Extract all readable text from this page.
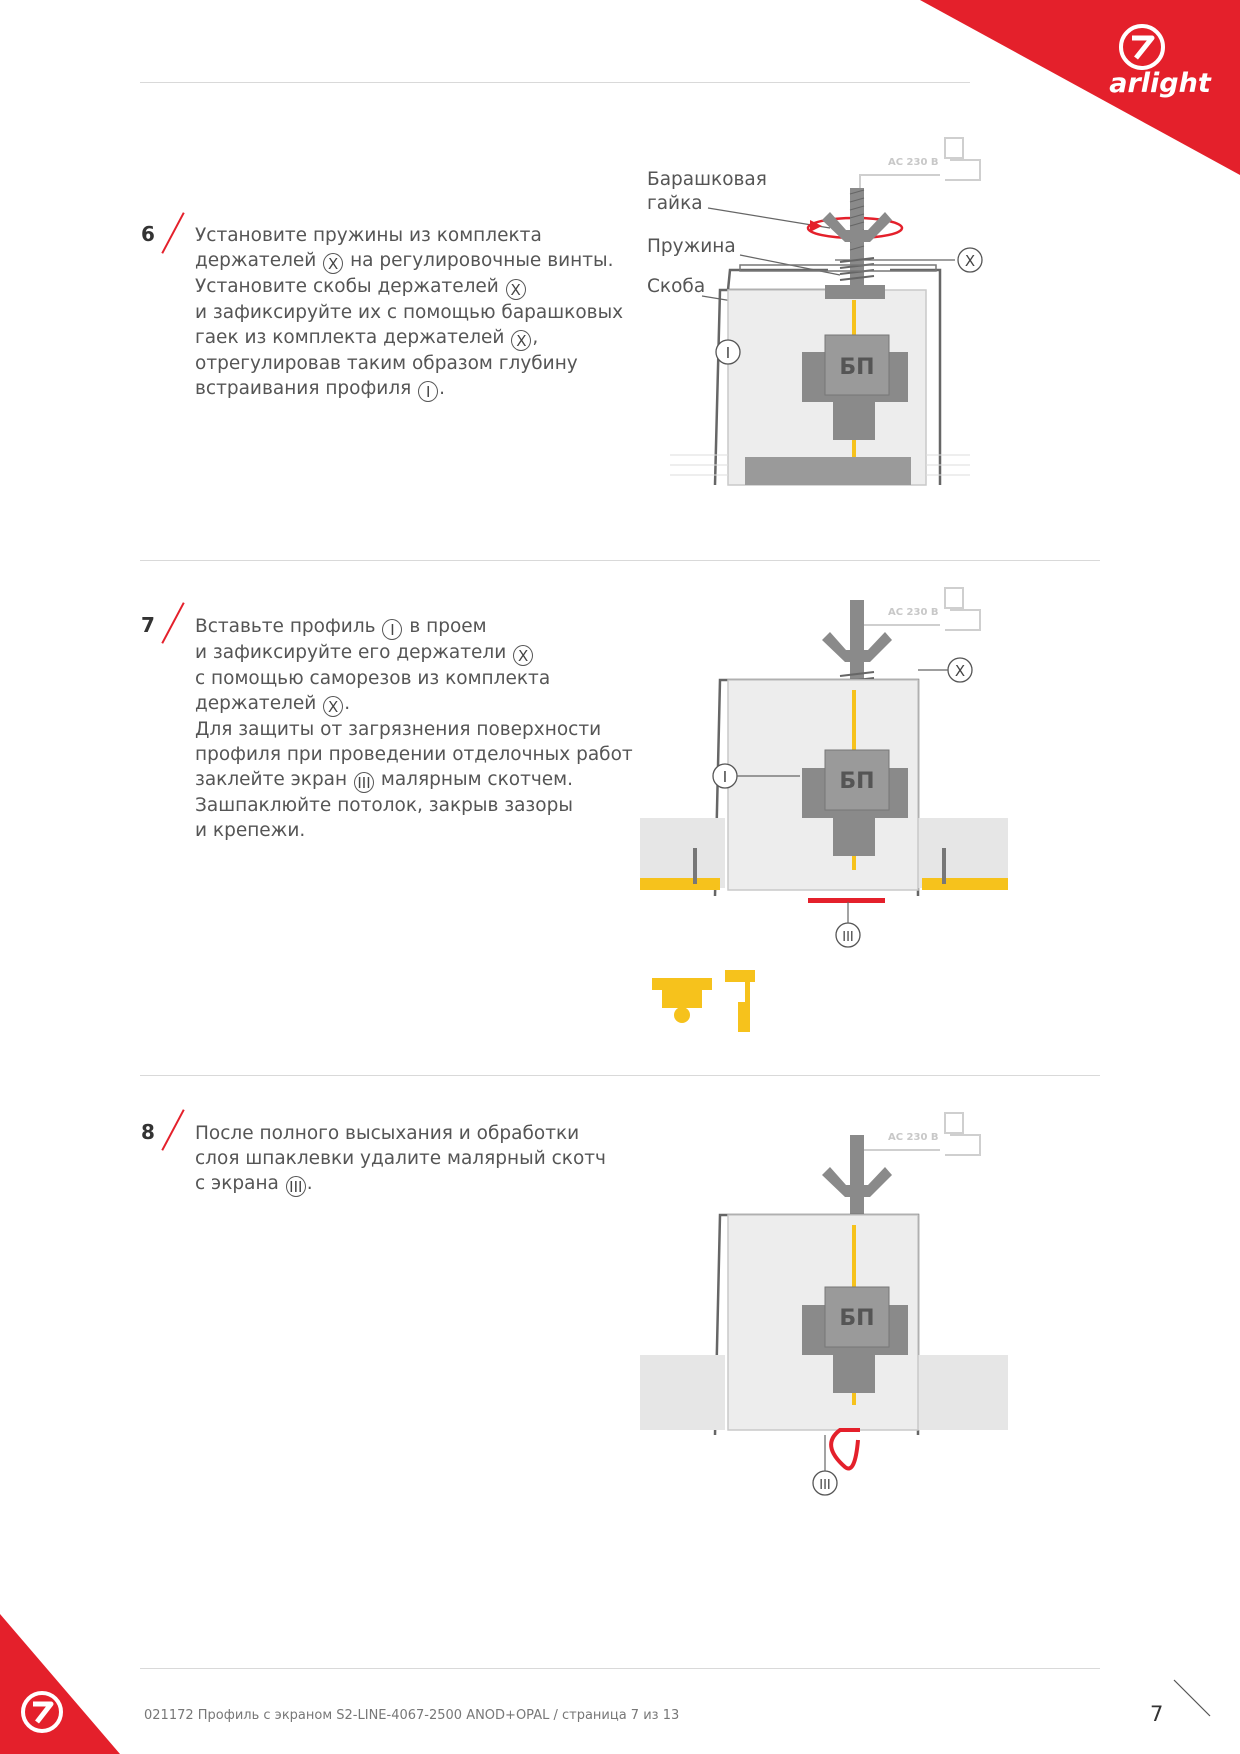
arlight
6 Установите пружины из комплекта
держателей X на регулировочные винты.
Установите скобы держателей X
и зафиксируйте их с помощью барашковых
гаек из комплекта держателей X ,
отрегулировав таким образом глубину
встраивания профиля I .
7 Вставьте профиль I в проем
и зафиксируйте его держатели X
с помощью саморезов из комплекта
держателей X .
Для защиты от загрязнения поверхности
профиля при проведении отделочных работ
заклейте экран III малярным скотчем.
Зашпаклюйте потолок, закрыв зазоры
и крепежи.
8 После полного высыхания и обработки
слоя шпаклевки удалите малярный скотч
с экрана III .
Барашковая
гайка
Пружина
Скоба
AC 230 В
БП
X
I
AC 230 В
БП
X
I
III
AC 230 В
БП
III
021172 Профиль с экраном S2-LINE-4067-2500 ANOD+OPAL / страница 7 из 13	7
